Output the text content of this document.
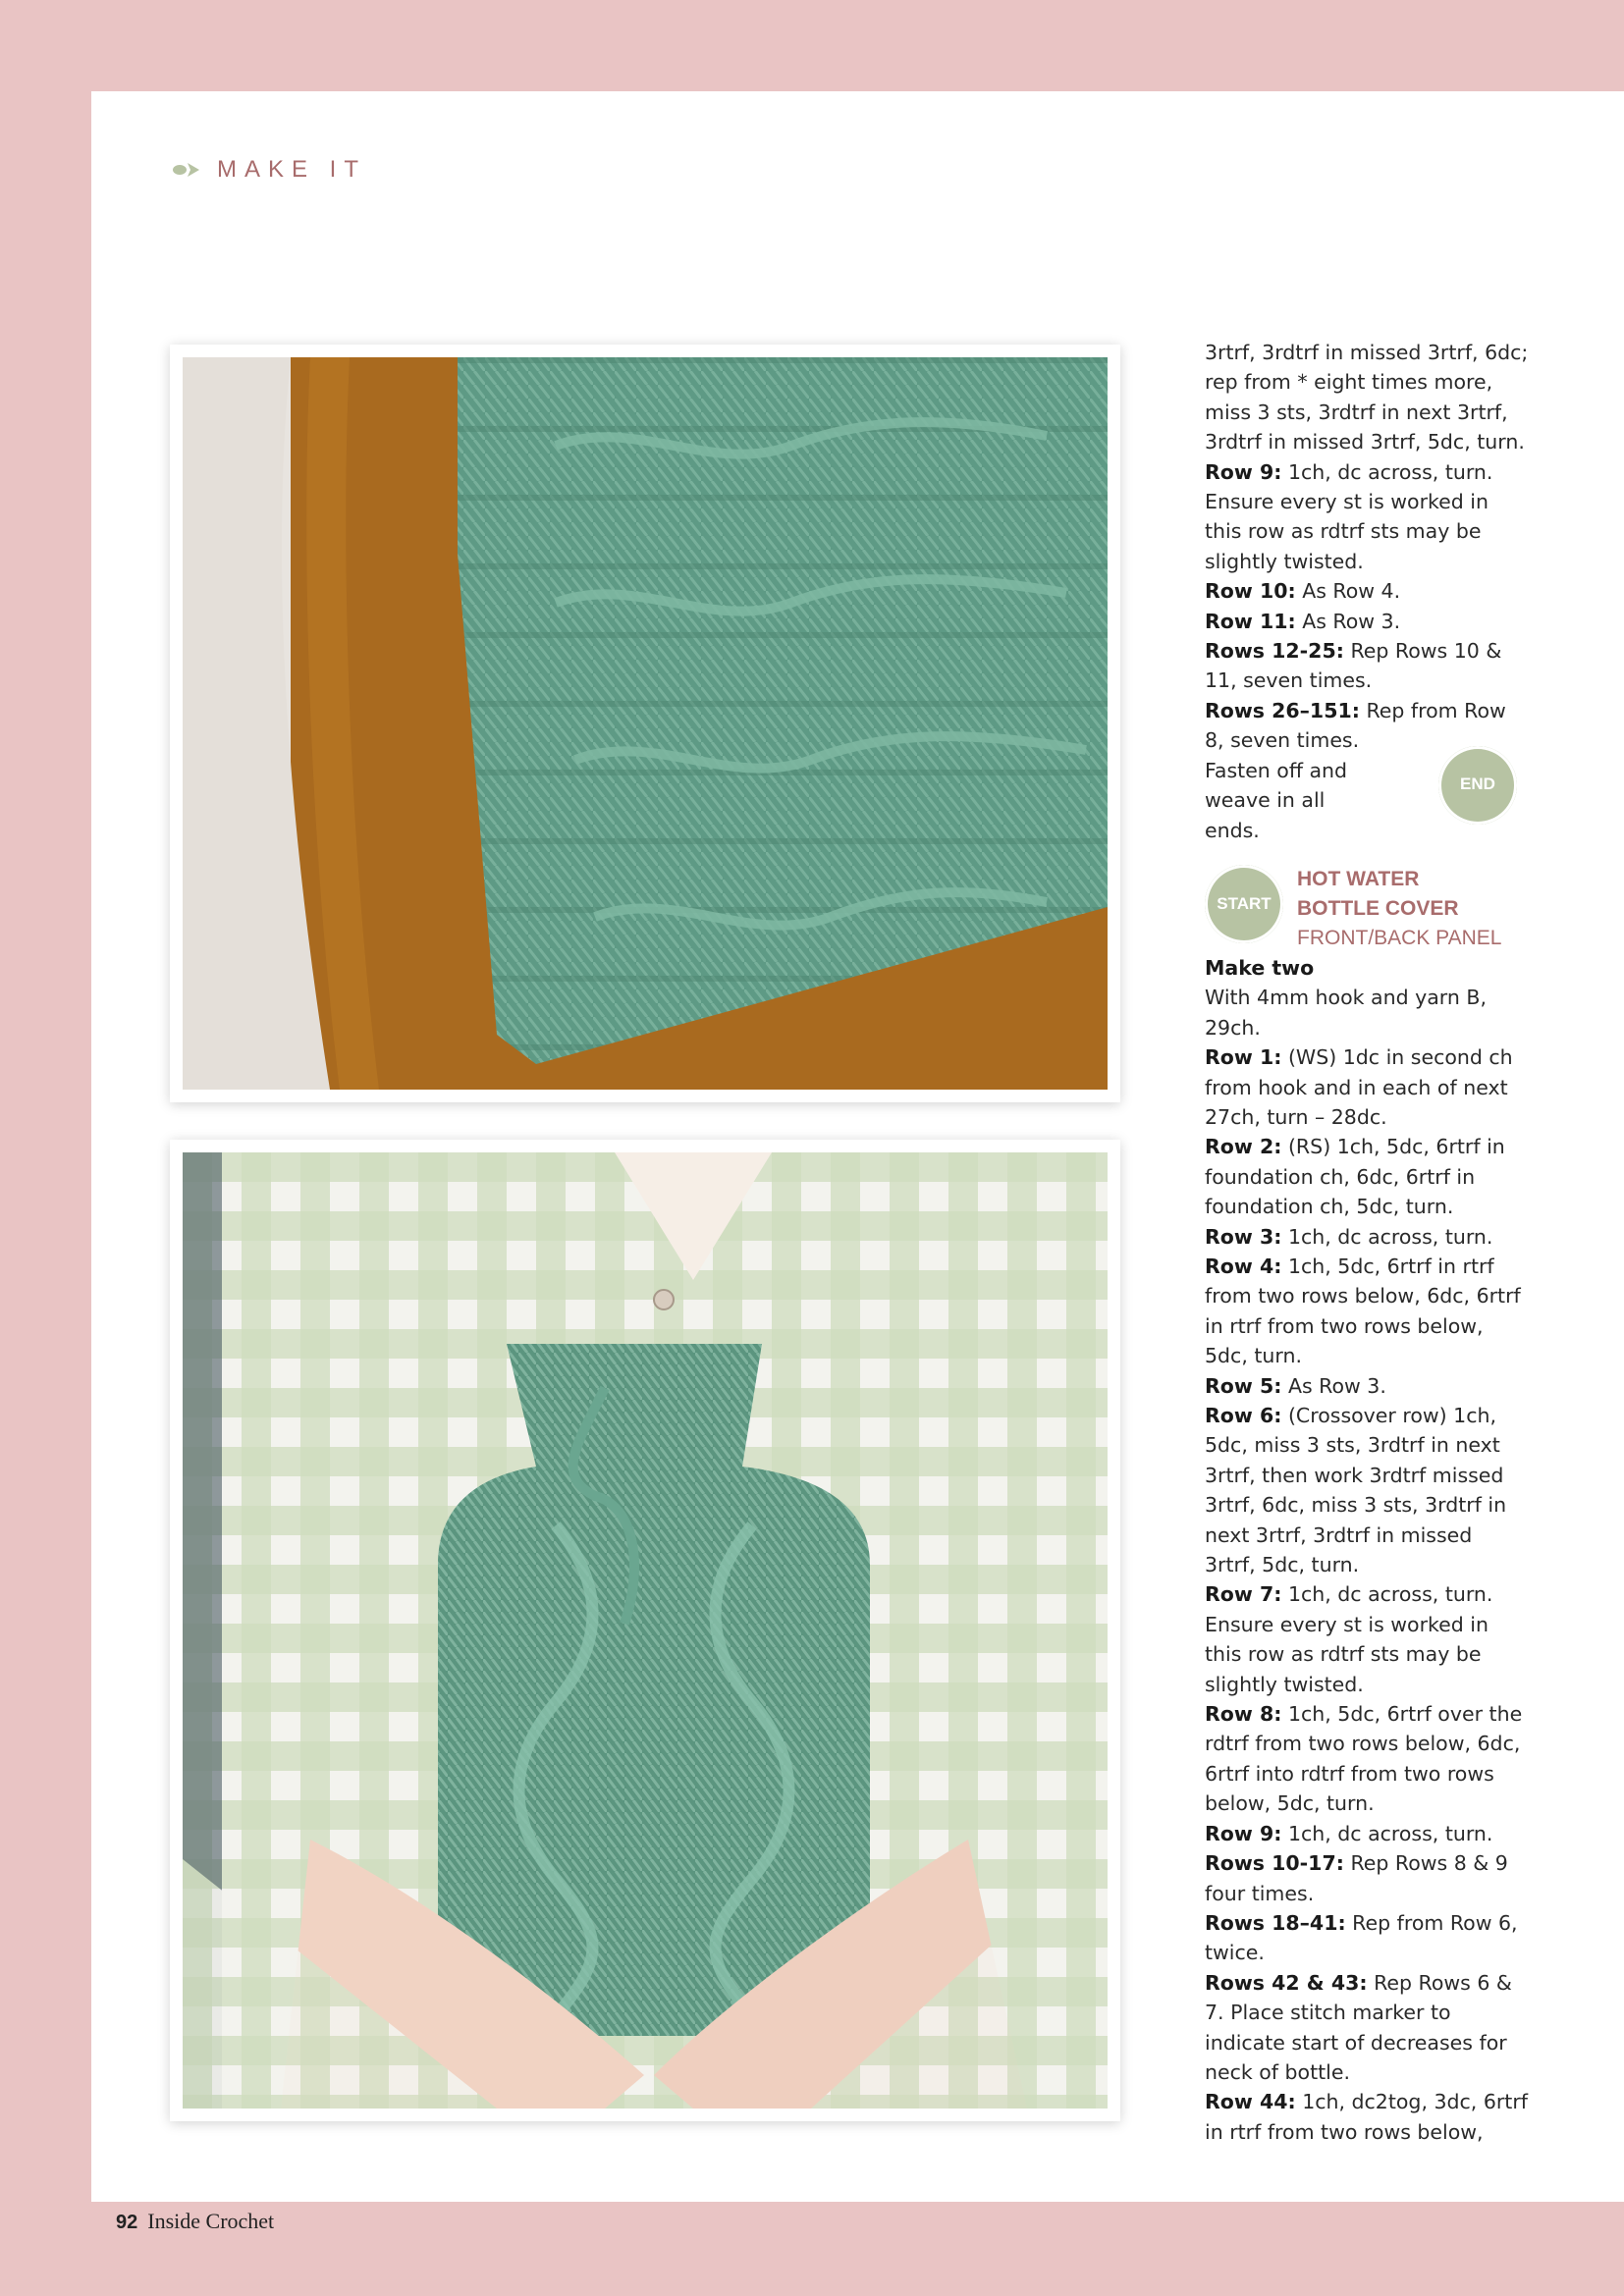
MAKE IT

3rtrf, 3rdtrf in missed 3rtrf, 6dc; rep from * eight times more, miss 3 sts, 3rdtrf in next 3rtrf, 3rdtrf in missed 3rtrf, 5dc, turn.

Row 9: 1ch, dc across, turn. Ensure every st is worked in this row as rdtrf sts may be slightly twisted.

Row 10: As Row 4.

Row 11: As Row 3.

Rows 12-25: Rep Rows 10 & 11, seven times.

Rows 26–151: Rep from Row 8, seven times.

Fasten off and weave in all ends.

END
START
HOT WATER
BOTTLE COVER
FRONT/BACK PANEL

Make two

With 4mm hook and yarn B, 29ch.

Row 1: (WS) 1dc in second ch from hook and in each of next 27ch, turn – 28dc.

Row 2: (RS) 1ch, 5dc, 6rtrf in foundation ch, 6dc, 6rtrf in foundation ch, 5dc, turn.

Row 3: 1ch, dc across, turn.

Row 4: 1ch, 5dc, 6rtrf in rtrf from two rows below, 6dc, 6rtrf in rtrf from two rows below, 5dc, turn.

Row 5: As Row 3.

Row 6: (Crossover row) 1ch, 5dc, miss 3 sts, 3rdtrf in next 3rtrf, then work 3rdtrf missed 3rtrf, 6dc, miss 3 sts, 3rdtrf in next 3rtrf, 3rdtrf in missed 3rtrf, 5dc, turn.

Row 7: 1ch, dc across, turn. Ensure every st is worked in this row as rdtrf sts may be slightly twisted.

Row 8: 1ch, 5dc, 6rtrf over the rdtrf from two rows below, 6dc, 6rtrf into rdtrf from two rows below, 5dc, turn.

Row 9: 1ch, dc across, turn.

Rows 10-17: Rep Rows 8 & 9 four times.

Rows 18–41: Rep from Row 6, twice.

Rows 42 & 43: Rep Rows 6 & 7. Place stitch marker to indicate start of decreases for neck of bottle.

Row 44: 1ch, dc2tog, 3dc, 6rtrf in rtrf from two rows below,

92 Inside Crochet
